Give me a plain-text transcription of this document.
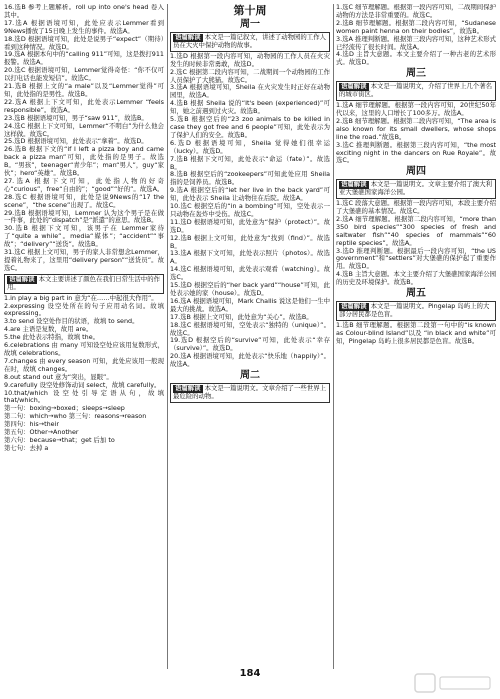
16.选B 参考上题解析。roll up into one's head 卷入其中。

17.选A 根据语境可知，此处应表示Lemmer看到9News播放了15日晚上发生的事件。故选A。

18.选D 根据语境可知，此处是说男子“expect”（期待）看到这种情况。故选D。

19.选A 根据本句中的“calling 911”可知，这是拨打911报警。故选A。

20.选C 根据语境可知，Lemmer觉得奇怪：“你不仅可以打电话也能发短信”。故选C。

21.选B 根据上文的“a male”以及“Lemmer觉得”可知，此处指的是男性。故选B。

22.选A 根据上下文可知，此处表示Lemmer “feels responsible”。故选A。

23.选B 根据语境可知，男子“saw 911”，故选B。

24.选C 根据上下文可知，Lemmer“不明白”为什么他会这样做。故选C。

25.选D 根据语境可知，此处表示“拿着”。故选D。

26.选B 根据下文的“if I left a pizza boy and came back a pizza man”可知，此处指的是男子。故选B。“男孩”，teenager“青少年”；man“男人”，guy“家伙”；hero“英雄”。故选B。

27.选A 根据下文可知，此处指人物的好奇心“curious”，free“自由的”；“good”“好的”。故选A。

28.选C 根据语境可知，此处是说9News的“17 the scene”，“the scene”出现了。故选C。

29.选B 根据语境可知，Lemmer 认为这个男子是在做一件事，此处的“dispatch”是“派遣”的意思。故选B。

30.选B 根据下文可知，该男子在 Lemmer家待了“quite a while”。media“媒体”；“accident”“事故”；“delivery”“送货”。故选B。

31.选C 根据上文可知，男子的家人非常想念Lemmer，提着礼物来了，这里用“delivery person”“送货员”。故选C。

语篇解读 本文主要讲述了颜色在我们日常生活中的作用。

1.in play a big part in 意为“在……中起很大作用”。

2.expressing 设空处所在的句子应用动名词。故填 expressing。

3.to send 设空处作目的状语，故填 to send。

4.are 主语是复数，故用 are。

5.the 此处表示特指，故填 the。

6.celebrations 由 many 可知设空处应该用复数形式，故填 celebrations。

7.changes 由 every season 可知，此处应该用一般现在时，故填 changes。

8.out stand out 意为“突出，显眼”。

9.carefully 设空处修饰动词 select，故填 carefully。

10.that/which 设空处引导定语从句，故填 that/which。

第一句：boxing→boxed；sleeps→sleep

第二句：which→who 第三句：reasons→reason

第四句：his→their

第五句：Other→Another

第六句：because→that；get 后加 to

第七句：去掉 a

第十周
周一
语篇解读 本文是一篇记叙文，讲述了动物园的工作人员在大火中保护动物的故事。

1.选D 根据第一段内容可知，动物园的工作人员在火灾发生的时候非常勇敢，故选D。

2.选C 根据第二段内容可知，二战期间一个动物园的工作人员保护了大熊猫。故选C。

3.选A 根据语境可知，Sheila 在火灾发生时正好在动物园里，故选A。

4.选B 根据 Sheila 说的“It's been (experienced)”可知，她之前遇到过火灾。故选B。

5.选B 根据空后的“23 zoo animals to be killed in case they got free and 6 people”可知，此处表示为了保护人们的安全。故选B。

6.选D 根据语境可知，Sheila 觉得她们很幸运（lucky）。故选D。

7.选B 根据下文可知，此处表示“命运（fate）”。故选B。

8.选B 根据空后的“zookeepers”可知此处应用 Sheila 指的是饲养员。故选B。

9.选A 根据空后的“let her live in the back yard”可知，此处表示 Sheila 让动物住在后院。故选A。

10.选C 根据空后的“in a bombing”可知，空处表示一只动物在轰炸中受伤。故选C。

11.选D 根据语境可知，此处意为“保护（protect）”。故选D。

12.选B 根据上文可知，此处意为“找到（find）”。故选B。

13.选A 根据下文可知，此处表示照片（photos）。故选A。

14.选C 根据语境可知，此处表示观看（watching）。故选C。

15.选D 根据空后的“her back yard”“house”可知，此处表示她的家（house）。故选D。

16.选A 根据语境可知，Mark Challis 说这是他们一生中最大的挑战。故选A。

17.选B 根据上文可知，此处意为“关心”。故选B。

18.选C 根据语境可知，空处表示“独特的（unique）”。故选C。

19.选D 根据空后的“survive”可知，此处表示“幸存（survive）”。故选D。

20.选A 根据语境可知，此处表示“快乐地（happily）”。故选A。

周二
语篇解读 本文是一篇说明文。文章介绍了一些世界上最危险的动物。

1.选C 细节理解题。根据第一段内容可知，二战期间保护动物的方法是非常重要的。故选C。

2.选B 细节理解题。根据第二段内容可知，“Sudanese women paint henna on their bodies”，故选B。

3.选A 推理判断题。根据第三段内容可知，这种艺术形式已经流传了很长时间。故选A。

4.选D 主旨大意题。本文主要介绍了一种古老的艺术形式。故选D。

周三
语篇解读 本文是一篇说明文，介绍了世界上几个著名的城市街区。

1.选A 细节理解题。根据第一段内容可知，20世纪50年代以来，这里的人口增长了100多万。故选A。

2.选B 细节理解题。根据第二段内容可知，“The area is also known for its small dwellers, whose shops line the road.”故选B。

3.选C 推理判断题。根据第三段内容可知，“the most exciting night in the dancers on Rue Royale”。故选C。

周四
语篇解读 本文是一篇说明文。文章主要介绍了澳大利亚大堡礁国家海洋公园。

1.选C 段落大意题。根据第一段内容可知，本段主要介绍了大堡礁的基本情况。故选C。

2.选A 细节理解题。根据第二段内容可知，“more than 350 bird species”“300 species of fresh and saltwater fish”“40 species of mammals”“60 reptile species”。故选A。

3.选D 推理判断题。根据最后一段内容可知，“the US government”和“settlers”对大堡礁的保护起了重要作用。故选D。

4.选B 主旨大意题。本文主要介绍了大堡礁国家海洋公园的历史及环境保护。故选B。

周五
语篇解读 本文是一篇说明文。Pingelap 岛屿上的大部分居民都是色盲。

1.选B 细节理解题。根据第二段第一句中的“is known as Colour-blind Island”以及 “in black and white”可知，Pingelap 岛屿上很多居民都是色盲。故选B。

184
